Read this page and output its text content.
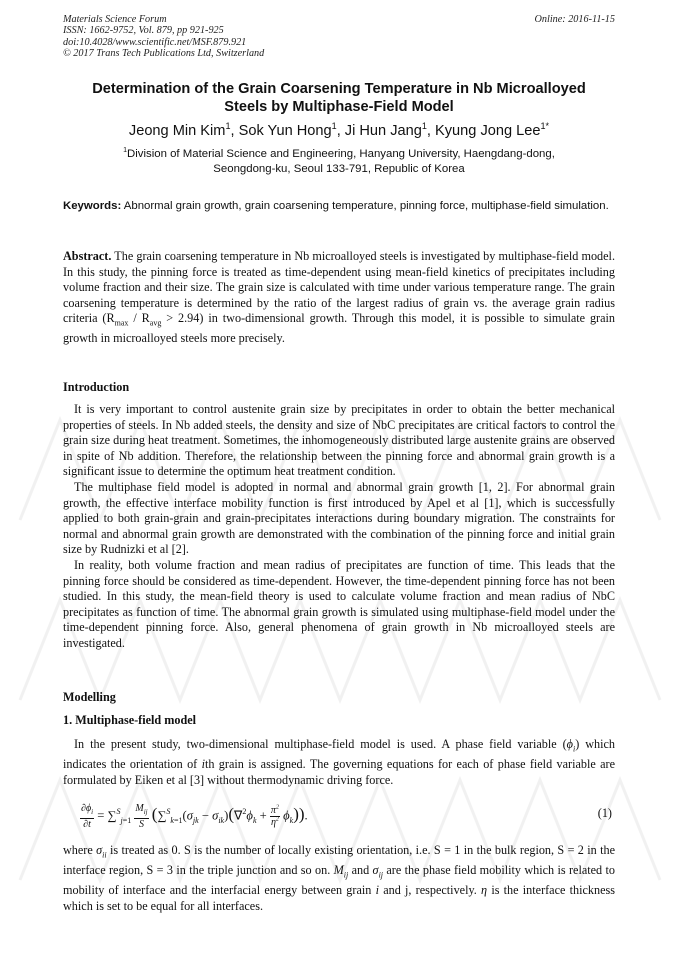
Materials Science Forum
ISSN: 1662-9752, Vol. 879, pp 921-925
doi:10.4028/www.scientific.net/MSF.879.921
© 2017 Trans Tech Publications Ltd, Switzerland
Online: 2016-11-15
Determination of the Grain Coarsening Temperature in Nb Microalloyed
Steels by Multiphase-Field Model
Jeong Min Kim$^1$, Sok Yun Hong$^1$, Ji Hun Jang$^1$, Kyung Jong Lee$^{1*}$
$^1$Division of Material Science and Engineering, Hanyang University, Haengdang-dong,
Seongdong-ku, Seoul 133-791, Republic of Korea
Keywords: Abnormal grain growth, grain coarsening temperature, pinning force, multiphase-field simulation.

Abstract. The grain coarsening temperature in Nb microalloyed steels is investigated by multiphase-field model. In this study, the pinning force is treated as time-dependent using mean-field kinetics of precipitates including volume fraction and their size. The grain size is calculated with time under various temperature range. The grain coarsening temperature is determined by the ratio of the largest radius of grain vs. the average grain radius criteria $(R_{max} / R_{avg} > 2.94)$ in two-dimensional growth. Through this model, it is possible to simulate grain growth in microalloyed steels more precisely.

Introduction

It is very important to control austenite grain size by precipitates in order to obtain the better mechanical properties of steels. In Nb added steels, the density and size of NbC precipitates are critical factors to control the grain size during heat treatment. Sometimes, the inhomogeneously distributed large austenite grains are observed in spite of Nb addition. Therefore, the relationship between the pinning force and abnormal grain growth is a significant issue to determine the optimum heat treatment condition.

The multiphase field model is adopted in normal and abnormal grain growth [1, 2]. For abnormal grain growth, the effective interface mobility function is first introduced by Apel et al [1], which is successfully applied to both grain-grain and grain-precipitates interactions during boundary migration. The constraints for normal and abnormal grain growth are demonstrated with the combination of the pinning force and initial grain size by Rudnizki et al [2].

In reality, both volume fraction and mean radius of precipitates are function of time. This leads that the pinning force should be considered as time-dependent. However, the time-dependent pinning force has not been studied. In this study, the mean-field theory is used to calculate volume fraction and mean radius of NbC precipitates as function of time. The abnormal grain growth is simulated using multiphase-field model under the time-dependent pinning force. Also, general phenomena of grain growth in Nb microalloyed steels are investigated.

Modelling
1. Multiphase-field model

In the present study, two-dimensional multiphase-field model is used. A phase field variable $(\phi_i)$ which indicates the orientation of ith grain is assigned. The governing equations for each of phase field variable are formulated by Eiken et al [3] without thermodynamic driving force.

$\frac{\partial\phi_i}{\partial t} = \sum^S_{j=1} \frac{M_{ij}}{S} (\sum^S_{k=1}(\sigma_{jk} - \sigma_{ik})(\nabla^2\phi_k + \frac{\pi^2}{\eta^2} \phi_k))$.	(1)

where $\sigma_{ii}$ is treated as 0. S is the number of locally existing orientation, i.e. S = 1 in the bulk region, S = 2 in the interface region, S = 3 in the triple junction and so on. $M_{ij}$ and $\sigma_{ij}$ are the phase field mobility which is related to mobility of interface and the interfacial energy between grain i and j, respectively. η is the interface thickness which is set to be equal for all interfaces.
